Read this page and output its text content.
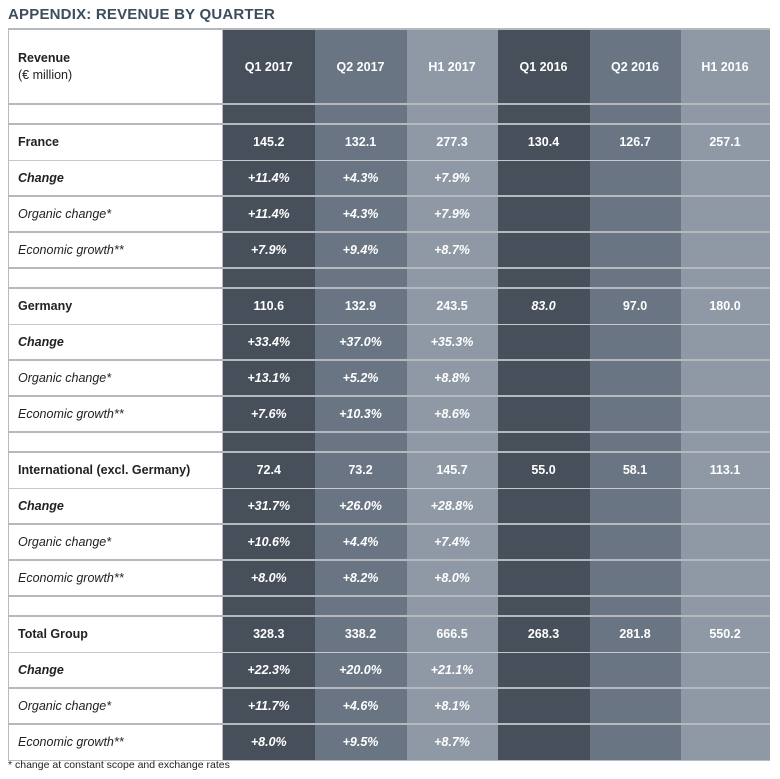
APPENDIX: REVENUE BY QUARTER
Revenue
(€ million)	Q1 2017	Q2 2017	H1 2017	Q1 2016	Q2 2016	H1 2016

France	145.2	132.1	277.3	130.4	126.7	257.1
Change	+11.4%	+4.3%	+7.9%			
Organic change*	+11.4%	+4.3%	+7.9%			
Economic growth**	+7.9%	+9.4%	+8.7%			

Germany	110.6	132.9	243.5	83.0	97.0	180.0
Change	+33.4%	+37.0%	+35.3%			
Organic change*	+13.1%	+5.2%	+8.8%			
Economic growth**	+7.6%	+10.3%	+8.6%			

International (excl. Germany)	72.4	73.2	145.7	55.0	58.1	113.1
Change	+31.7%	+26.0%	+28.8%			
Organic change*	+10.6%	+4.4%	+7.4%			
Economic growth**	+8.0%	+8.2%	+8.0%			

Total Group	328.3	338.2	666.5	268.3	281.8	550.2
Change	+22.3%	+20.0%	+21.1%			
Organic change*	+11.7%	+4.6%	+8.1%			
Economic growth**	+8.0%	+9.5%	+8.7%			
* change at constant scope and exchange rates
